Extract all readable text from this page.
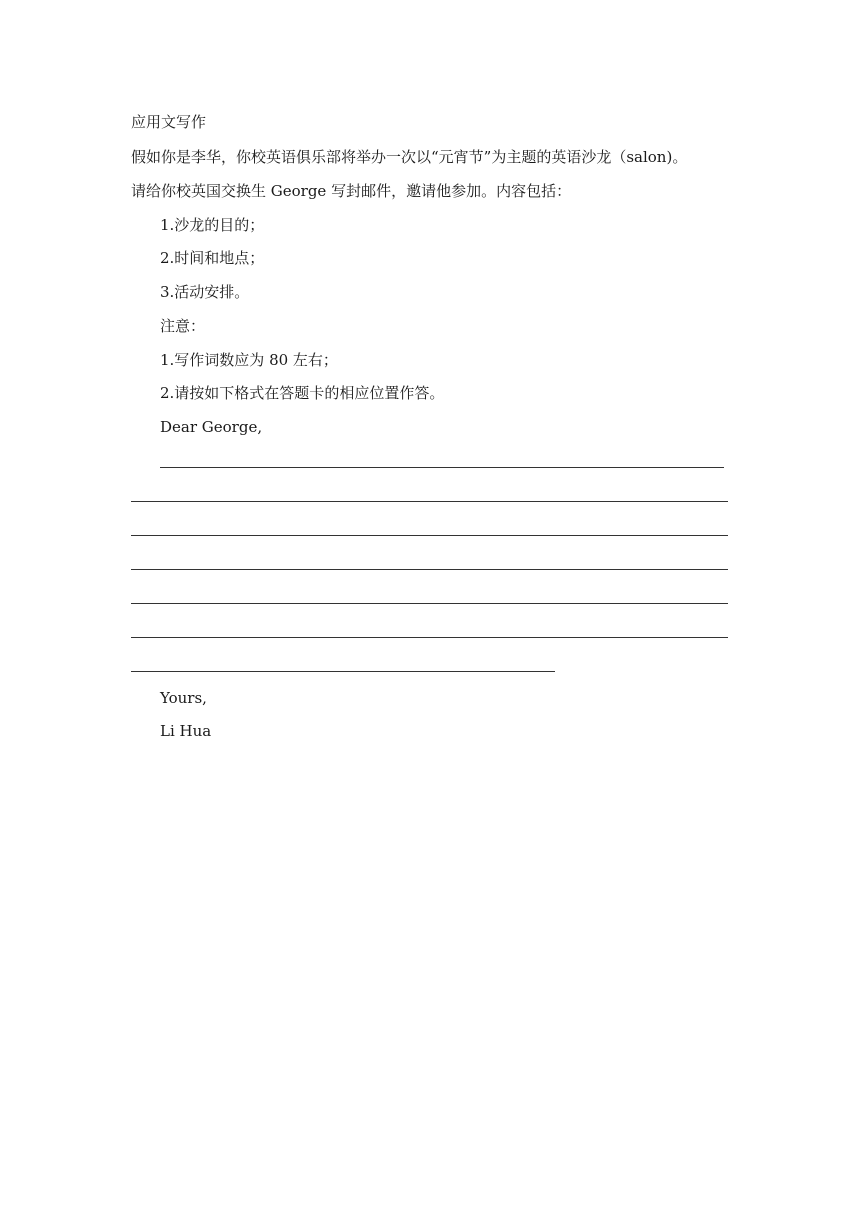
应用文写作
假如你是李华，你校英语俱乐部将举办一次以“元宵节”为主题的英语沙龙（salon)。
请给你校英国交换生 George 写封邮件，邀请他参加。内容包括：
1.沙龙的目的；
2.时间和地点；
3.活动安排。
注意：
1.写作词数应为 80 左右；
2.请按如下格式在答题卡的相应位置作答。
Dear George,
Yours,
Li Hua
